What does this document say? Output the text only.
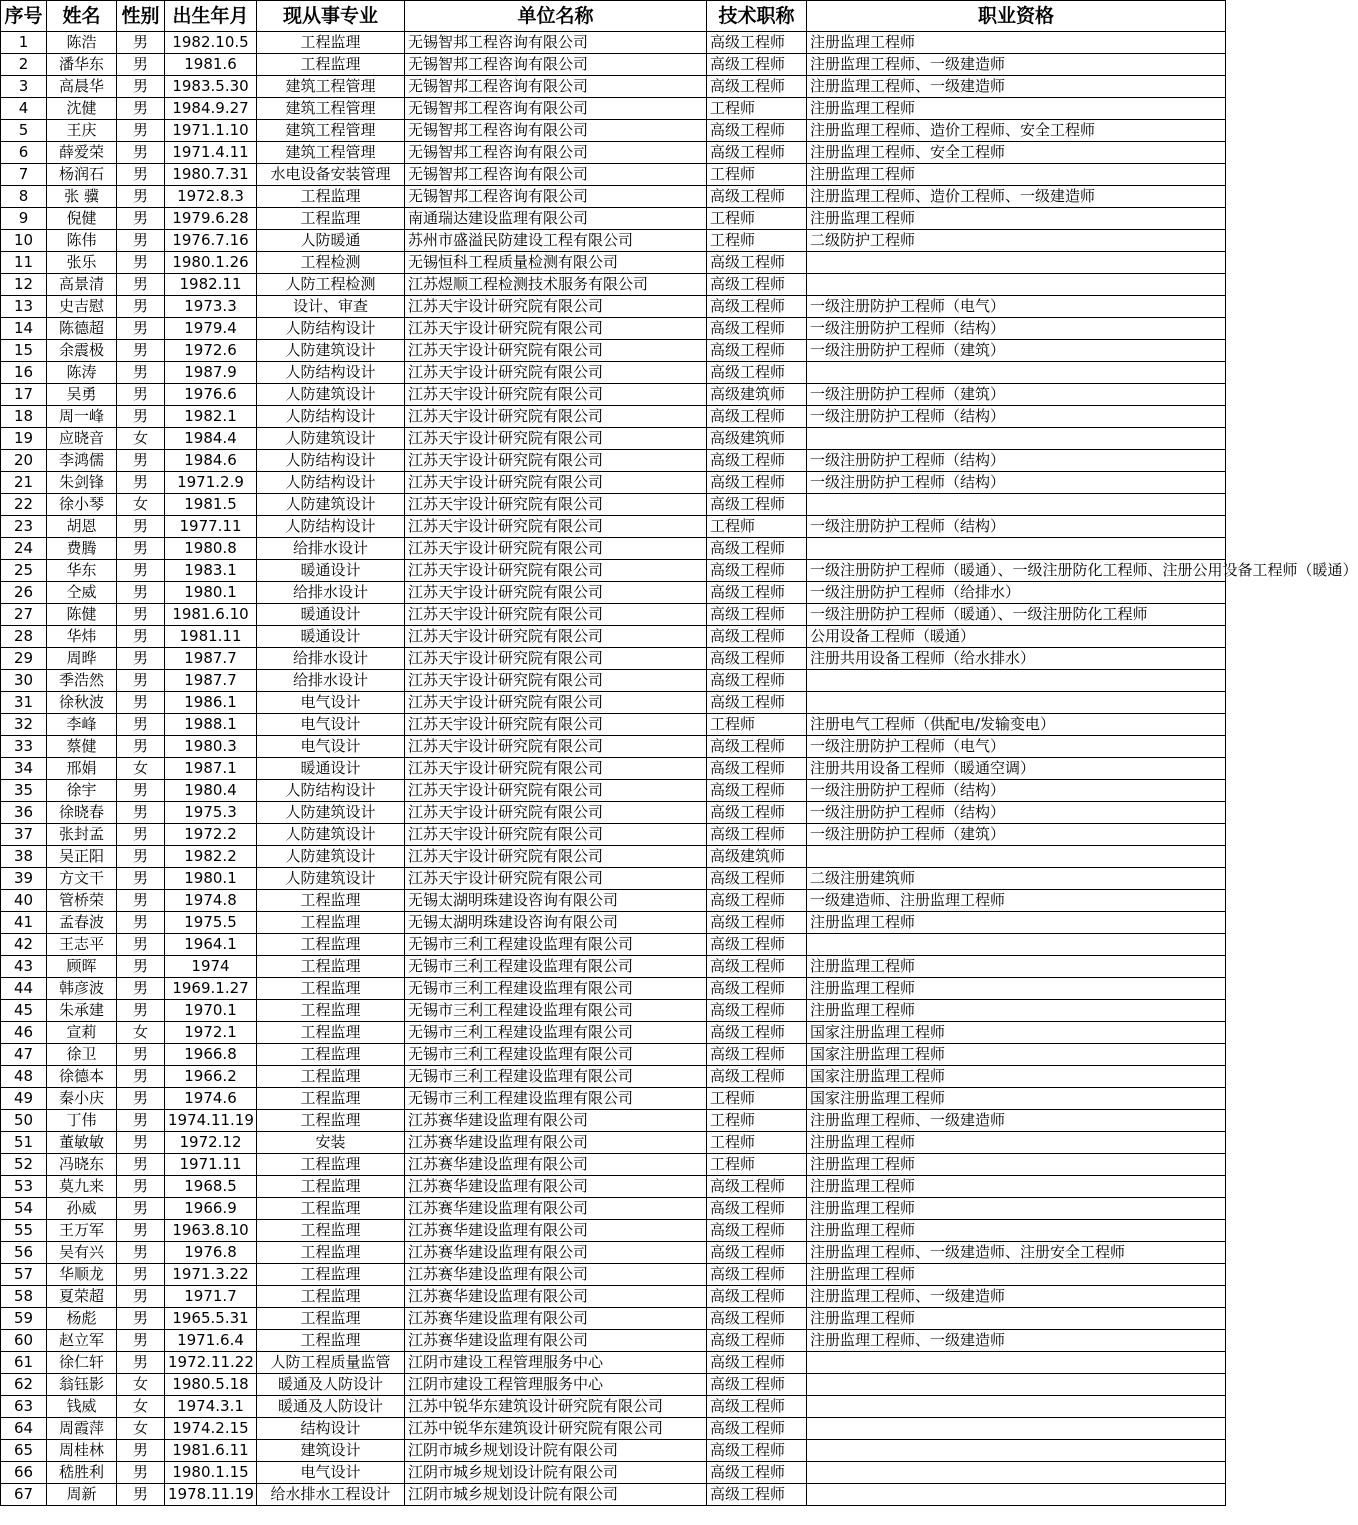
序号	姓名	性别	出生年月	现从事专业	单位名称	技术职称	职业资格
1	陈浩	男	1982.10.5	工程监理	无锡智邦工程咨询有限公司	高级工程师	注册监理工程师
2	潘华东	男	1981.6	工程监理	无锡智邦工程咨询有限公司	高级工程师	注册监理工程师、一级建造师
3	高晨华	男	1983.5.30	建筑工程管理	无锡智邦工程咨询有限公司	高级工程师	注册监理工程师、一级建造师
4	沈健	男	1984.9.27	建筑工程管理	无锡智邦工程咨询有限公司	工程师	注册监理工程师
5	王庆	男	1971.1.10	建筑工程管理	无锡智邦工程咨询有限公司	高级工程师	注册监理工程师、造价工程师、安全工程师
6	薛爱荣	男	1971.4.11	建筑工程管理	无锡智邦工程咨询有限公司	高级工程师	注册监理工程师、安全工程师
7	杨润石	男	1980.7.31	水电设备安装管理	无锡智邦工程咨询有限公司	工程师	注册监理工程师
8	张 骥	男	1972.8.3	工程监理	无锡智邦工程咨询有限公司	高级工程师	注册监理工程师、造价工程师、一级建造师
9	倪健	男	1979.6.28	工程监理	南通瑞达建设监理有限公司	工程师	注册监理工程师
10	陈伟	男	1976.7.16	人防暖通	苏州市盛溢民防建设工程有限公司	工程师	二级防护工程师
11	张乐	男	1980.1.26	工程检测	无锡恒科工程质量检测有限公司	高级工程师	
12	高景清	男	1982.11	人防工程检测	江苏煜顺工程检测技术服务有限公司	高级工程师	
13	史吉慰	男	1973.3	设计、审查	江苏天宇设计研究院有限公司	高级工程师	一级注册防护工程师（电气）
14	陈德超	男	1979.4	人防结构设计	江苏天宇设计研究院有限公司	高级工程师	一级注册防护工程师（结构）
15	余震极	男	1972.6	人防建筑设计	江苏天宇设计研究院有限公司	高级工程师	一级注册防护工程师（建筑）
16	陈涛	男	1987.9	人防结构设计	江苏天宇设计研究院有限公司	高级工程师	
17	吴勇	男	1976.6	人防建筑设计	江苏天宇设计研究院有限公司	高级建筑师	一级注册防护工程师（建筑）
18	周一峰	男	1982.1	人防结构设计	江苏天宇设计研究院有限公司	高级工程师	一级注册防护工程师（结构）
19	应晓音	女	1984.4	人防建筑设计	江苏天宇设计研究院有限公司	高级建筑师	
20	李鸿儒	男	1984.6	人防结构设计	江苏天宇设计研究院有限公司	高级工程师	一级注册防护工程师（结构）
21	朱剑锋	男	1971.2.9	人防结构设计	江苏天宇设计研究院有限公司	高级工程师	一级注册防护工程师（结构）
22	徐小琴	女	1981.5	人防建筑设计	江苏天宇设计研究院有限公司	高级工程师	
23	胡恩	男	1977.11	人防结构设计	江苏天宇设计研究院有限公司	工程师	一级注册防护工程师（结构）
24	费腾	男	1980.8	给排水设计	江苏天宇设计研究院有限公司	高级工程师	
25	华东	男	1983.1	暖通设计	江苏天宇设计研究院有限公司	高级工程师	一级注册防护工程师（暖通）、一级注册防化工程师、注册公用设备工程师（暖通）
26	仝威	男	1980.1	给排水设计	江苏天宇设计研究院有限公司	高级工程师	一级注册防护工程师（给排水）
27	陈健	男	1981.6.10	暖通设计	江苏天宇设计研究院有限公司	高级工程师	一级注册防护工程师（暖通）、一级注册防化工程师
28	华炜	男	1981.11	暖通设计	江苏天宇设计研究院有限公司	高级工程师	公用设备工程师（暖通）
29	周晔	男	1987.7	给排水设计	江苏天宇设计研究院有限公司	高级工程师	注册共用设备工程师（给水排水）
30	季浩然	男	1987.7	给排水设计	江苏天宇设计研究院有限公司	高级工程师	
31	徐秋波	男	1986.1	电气设计	江苏天宇设计研究院有限公司	高级工程师	
32	李峰	男	1988.1	电气设计	江苏天宇设计研究院有限公司	工程师	注册电气工程师（供配电/发输变电）
33	蔡健	男	1980.3	电气设计	江苏天宇设计研究院有限公司	高级工程师	一级注册防护工程师（电气）
34	邢娟	女	1987.1	暖通设计	江苏天宇设计研究院有限公司	高级工程师	注册共用设备工程师（暖通空调）
35	徐宇	男	1980.4	人防结构设计	江苏天宇设计研究院有限公司	高级工程师	一级注册防护工程师（结构）
36	徐晓春	男	1975.3	人防建筑设计	江苏天宇设计研究院有限公司	高级工程师	一级注册防护工程师（结构）
37	张封孟	男	1972.2	人防建筑设计	江苏天宇设计研究院有限公司	高级工程师	一级注册防护工程师（建筑）
38	吴正阳	男	1982.2	人防建筑设计	江苏天宇设计研究院有限公司	高级建筑师	
39	方文干	男	1980.1	人防建筑设计	江苏天宇设计研究院有限公司	高级工程师	二级注册建筑师
40	管桥荣	男	1974.8	工程监理	无锡太湖明珠建设咨询有限公司	高级工程师	一级建造师、注册监理工程师
41	孟春波	男	1975.5	工程监理	无锡太湖明珠建设咨询有限公司	高级工程师	注册监理工程师
42	王志平	男	1964.1	工程监理	无锡市三利工程建设监理有限公司	高级工程师	
43	顾晖	男	1974	工程监理	无锡市三利工程建设监理有限公司	高级工程师	注册监理工程师
44	韩彦波	男	1969.1.27	工程监理	无锡市三利工程建设监理有限公司	高级工程师	注册监理工程师
45	朱承建	男	1970.1	工程监理	无锡市三利工程建设监理有限公司	高级工程师	注册监理工程师
46	宣莉	女	1972.1	工程监理	无锡市三利工程建设监理有限公司	高级工程师	国家注册监理工程师
47	徐卫	男	1966.8	工程监理	无锡市三利工程建设监理有限公司	高级工程师	国家注册监理工程师
48	徐德本	男	1966.2	工程监理	无锡市三利工程建设监理有限公司	高级工程师	国家注册监理工程师
49	秦小庆	男	1974.6	工程监理	无锡市三利工程建设监理有限公司	工程师	国家注册监理工程师
50	丁伟	男	1974.11.19	工程监理	江苏赛华建设监理有限公司	工程师	注册监理工程师、一级建造师
51	董敏敏	男	1972.12	安装	江苏赛华建设监理有限公司	工程师	注册监理工程师
52	冯晓东	男	1971.11	工程监理	江苏赛华建设监理有限公司	工程师	注册监理工程师
53	莫九来	男	1968.5	工程监理	江苏赛华建设监理有限公司	高级工程师	注册监理工程师
54	孙威	男	1966.9	工程监理	江苏赛华建设监理有限公司	高级工程师	注册监理工程师
55	王万军	男	1963.8.10	工程监理	江苏赛华建设监理有限公司	高级工程师	注册监理工程师
56	吴有兴	男	1976.8	工程监理	江苏赛华建设监理有限公司	高级工程师	注册监理工程师、一级建造师、注册安全工程师
57	华顺龙	男	1971.3.22	工程监理	江苏赛华建设监理有限公司	高级工程师	注册监理工程师
58	夏荣超	男	1971.7	工程监理	江苏赛华建设监理有限公司	高级工程师	注册监理工程师、一级建造师
59	杨彪	男	1965.5.31	工程监理	江苏赛华建设监理有限公司	高级工程师	注册监理工程师
60	赵立军	男	1971.6.4	工程监理	江苏赛华建设监理有限公司	高级工程师	注册监理工程师、一级建造师
61	徐仁轩	男	1972.11.22	人防工程质量监管	江阴市建设工程管理服务中心	高级工程师	
62	翁钰影	女	1980.5.18	暖通及人防设计	江阴市建设工程管理服务中心	高级工程师	
63	钱威	女	1974.3.1	暖通及人防设计	江苏中锐华东建筑设计研究院有限公司	高级工程师	
64	周霞萍	女	1974.2.15	结构设计	江苏中锐华东建筑设计研究院有限公司	高级工程师	
65	周桂林	男	1981.6.11	建筑设计	江阴市城乡规划设计院有限公司	高级工程师	
66	嵇胜利	男	1980.1.15	电气设计	江阴市城乡规划设计院有限公司	高级工程师	
67	周新	男	1978.11.19	给水排水工程设计	江阴市城乡规划设计院有限公司	高级工程师	
